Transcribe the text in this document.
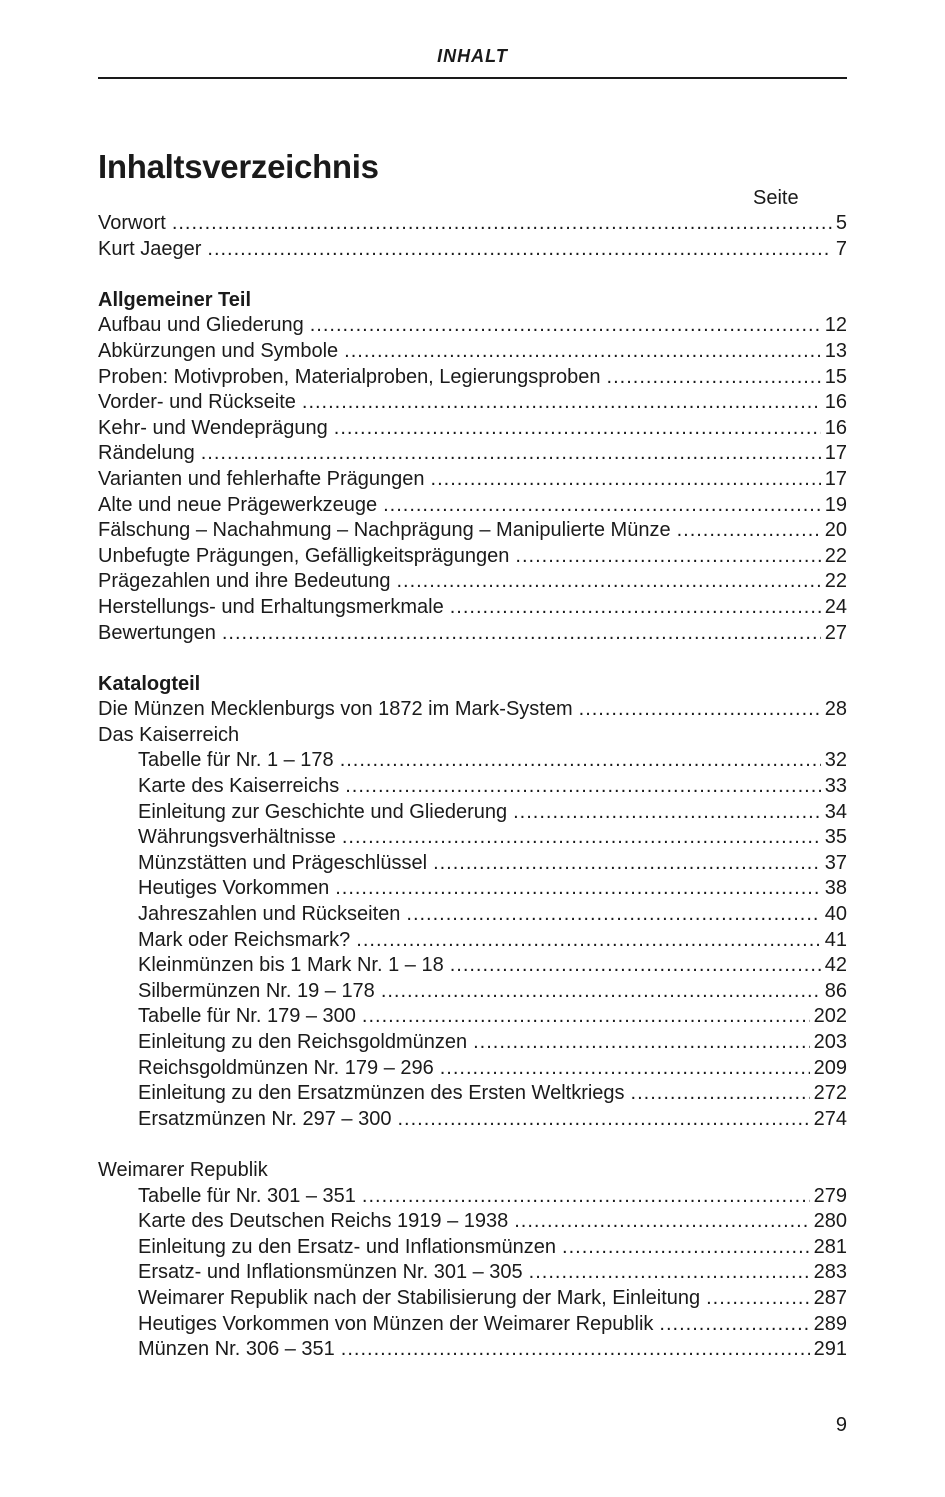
INHALT
Inhaltsverzeichnis
Seite
Vorwort .....	5
Kurt Jaeger .....	7
Allgemeiner Teil
Aufbau und Gliederung .....	12
Abkürzungen und Symbole .....	13
Proben: Motivproben, Materialproben, Legierungsproben .....	15
Vorder- und Rückseite .....	16
Kehr- und Wendeprägung .....	16
Rändelung .....	17
Varianten und fehlerhafte Prägungen .....	17
Alte und neue Prägewerkzeuge .....	19
Fälschung – Nachahmung – Nachprägung – Manipulierte Münze .....	20
Unbefugte Prägungen, Gefälligkeitsprägungen .....	22
Prägezahlen und ihre Bedeutung .....	22
Herstellungs- und Erhaltungsmerkmale .....	24
Bewertungen .....	27
Katalogteil
Die Münzen Mecklenburgs von 1872 im Mark-System .....	28
Das Kaiserreich
Tabelle für Nr. 1 – 178 .....	32
Karte des Kaiserreichs .....	33
Einleitung zur Geschichte und Gliederung .....	34
Währungsverhältnisse .....	35
Münzstätten und Prägeschlüssel .....	37
Heutiges Vorkommen .....	38
Jahreszahlen und Rückseiten .....	40
Mark oder Reichsmark? .....	41
Kleinmünzen bis 1 Mark Nr. 1 – 18 .....	42
Silbermünzen Nr. 19 – 178 .....	86
Tabelle für Nr. 179 – 300 .....	202
Einleitung zu den Reichsgoldmünzen .....	203
Reichsgoldmünzen Nr. 179 – 296 .....	209
Einleitung zu den Ersatzmünzen des Ersten Weltkriegs .....	272
Ersatzmünzen Nr. 297 – 300 .....	274
Weimarer Republik
Tabelle für Nr. 301 – 351 .....	279
Karte des Deutschen Reichs 1919 – 1938 .....	280
Einleitung zu den Ersatz- und Inflationsmünzen .....	281
Ersatz- und Inflationsmünzen Nr. 301 – 305 .....	283
Weimarer Republik nach der Stabilisierung der Mark, Einleitung .....	287
Heutiges Vorkommen von Münzen der Weimarer Republik .....	289
Münzen Nr. 306 – 351 .....	291
9
